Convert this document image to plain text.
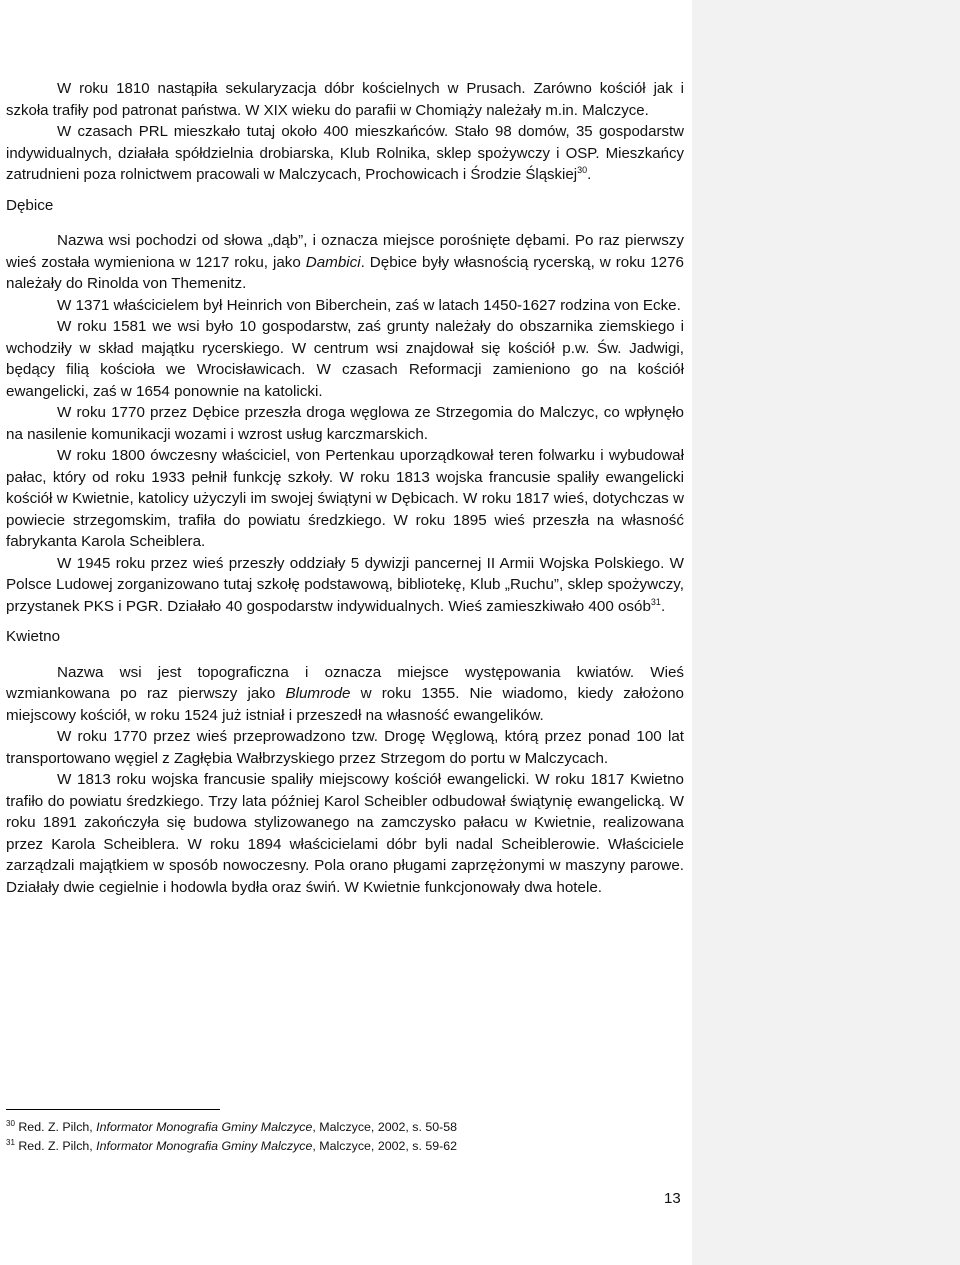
W roku 1810 nastąpiła sekularyzacja dóbr kościelnych w Prusach. Zarówno kościół jak i szkoła trafiły pod patronat państwa. W XIX wieku do parafii w Chomiąży należały m.in. Malczyce.

W czasach PRL mieszkało tutaj około 400 mieszkańców. Stało 98 domów, 35 gospodarstw indywidualnych, działała spółdzielnia drobiarska, Klub Rolnika, sklep spożywczy i OSP. Mieszkańcy zatrudnieni poza rolnictwem pracowali w Malczycach, Prochowicach i Środzie Śląskiej$^{30}$.

Dębice

Nazwa wsi pochodzi od słowa „dąb”, i oznacza miejsce porośnięte dębami. Po raz pierwszy wieś została wymieniona w 1217 roku, jako Dambici. Dębice były własnością rycerską, w roku 1276 należały do Rinolda von Themenitz.

W 1371 właścicielem był Heinrich von Biberchein, zaś w latach 1450-1627 rodzina von Ecke.

W roku 1581 we wsi było 10 gospodarstw, zaś grunty należały do obszarnika ziemskiego i wchodziły w skład majątku rycerskiego. W centrum wsi znajdował się kościół p.w. Św. Jadwigi, będący filią kościoła we Wrocisławicach. W czasach Reformacji zamieniono go na kościół ewangelicki, zaś w 1654 ponownie na katolicki.

W roku 1770 przez Dębice przeszła droga węglowa ze Strzegomia do Malczyc, co wpłynęło na nasilenie komunikacji wozami i wzrost usług karczmarskich.

W roku 1800 ówczesny właściciel, von Pertenkau uporządkował teren folwarku i wybudował pałac, który od roku 1933 pełnił funkcję szkoły. W roku 1813 wojska francusie spaliły ewangelicki kościół w Kwietnie, katolicy użyczyli im swojej świątyni w Dębicach. W roku 1817 wieś, dotychczas w powiecie strzegomskim, trafiła do powiatu średzkiego. W roku 1895 wieś przeszła na własność fabrykanta Karola Scheiblera.

W 1945 roku przez wieś przeszły oddziały 5 dywizji pancernej II Armii Wojska Polskiego. W Polsce Ludowej zorganizowano tutaj szkołę podstawową, bibliotekę, Klub „Ruchu”, sklep spożywczy, przystanek PKS i PGR. Działało 40 gospodarstw indywidualnych. Wieś zamieszkiwało 400 osób$^{31}$.

Kwietno

Nazwa wsi jest topograficzna i oznacza miejsce występowania kwiatów. Wieś wzmiankowana po raz pierwszy jako Blumrode w roku 1355. Nie wiadomo, kiedy założono miejscowy kościół, w roku 1524 już istniał i przeszedł na własność ewangelików.

W roku 1770 przez wieś przeprowadzono tzw. Drogę Węglową, którą przez ponad 100 lat transportowano węgiel z Zagłębia Wałbrzyskiego przez Strzegom do portu w Malczycach.

W 1813 roku wojska francusie spaliły miejscowy kościół ewangelicki. W roku 1817 Kwietno trafiło do powiatu średzkiego. Trzy lata później Karol Scheibler odbudował świątynię ewangelicką. W roku 1891 zakończyła się budowa stylizowanego na zamczysko pałacu w Kwietnie, realizowana przez Karola Scheiblera. W roku 1894 właścicielami dóbr byli nadal Scheiblerowie. Właściciele zarządzali majątkiem w sposób nowoczesny. Pola orano pługami zaprzężonymi w maszyny parowe. Działały dwie cegielnie i hodowla bydła oraz świń. W Kwietnie funkcjonowały dwa hotele.

$^{30}$ Red. Z. Pilch, Informator Monografia Gminy Malczyce, Malczyce, 2002, s. 50-58

$^{31}$ Red. Z. Pilch, Informator Monografia Gminy Malczyce, Malczyce, 2002, s. 59-62

13
